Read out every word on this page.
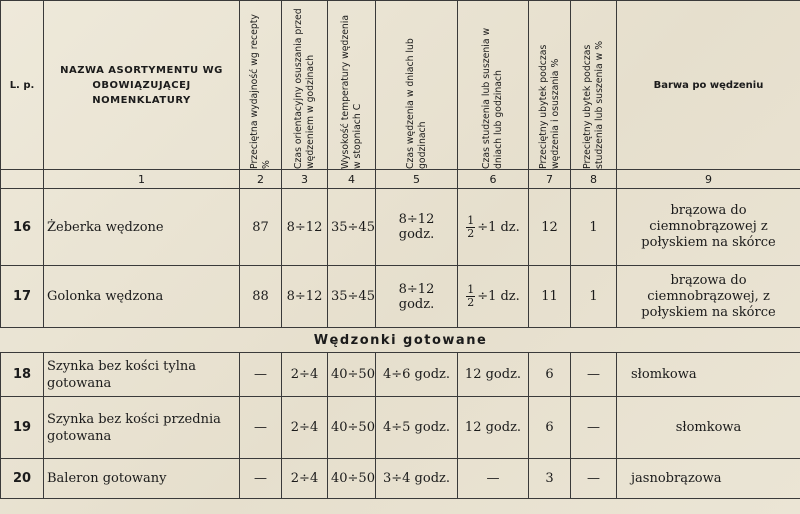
L. p.	NAZWA ASORTYMENTU WG OBOWIĄZUJĄCEJ NOMENKLATURY	Przeciętna wydajność wg recepty %	Czas orientacyjny osuszania przed wędzeniem w godzinach	Wysokość temperatury wędzenia w stopniach C	Czas wędzenia w dniach lub godzinach	Czas studzenia lub suszenia w dniach lub godzinach	Przeciętny ubytek podczas wędzenia i osuszania %	Przeciętny ubytek podczas studzenia lub suszenia w %	Barwa po wędzeniu
	1	2	3	4	5	6	7	8	9
16	Żeberka wędzone	87	8÷12	35÷45	8÷12 godz.	$\frac{1}{2} \div 1$ dz.	12	1	brązowa do ciemnobrązowej z połyskiem na skórce
17	Golonka wędzona	88	8÷12	35÷45	8÷12 godz.	$\frac{1}{2} \div 1$ dz.	11	1	brązowa do ciemnobrązowej, z połyskiem na skórce
Wędzonki gotowane									
18	Szynka bez kości tylna gotowana	—	2÷4	40÷50	4÷6 godz.	12 godz.	6	—	słomkowa
19	Szynka bez kości przednia gotowana	—	2÷4	40÷50	4÷5 godz.	12 godz.	6	—	słomkowa
20	Baleron gotowany	—	2÷4	40÷50	3÷4 godz.	—	3	—	jasnobrązowa
